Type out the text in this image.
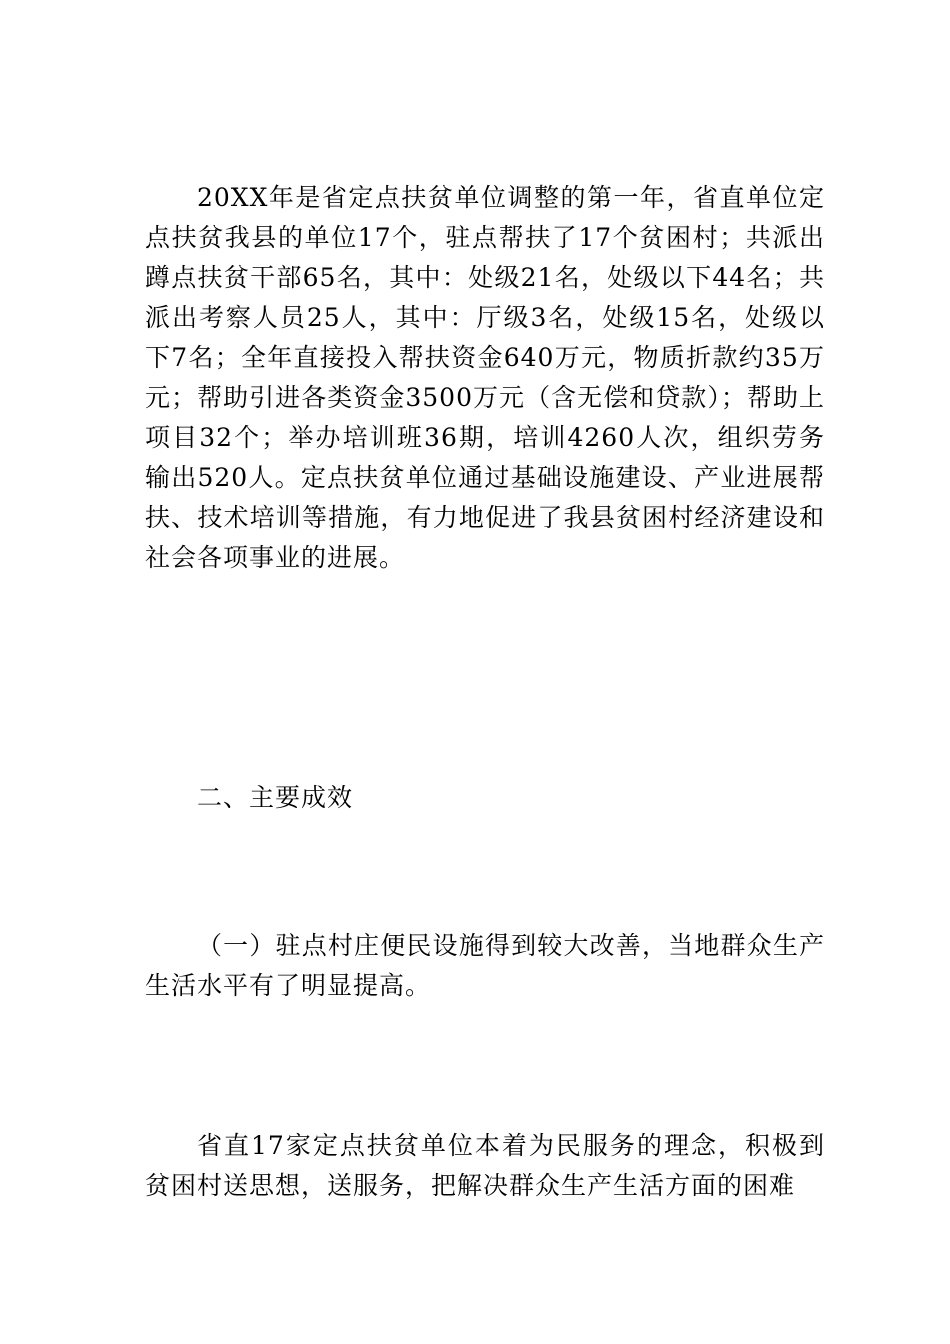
20XX年是省定点扶贫单位调整的第一年，省直单位定点扶贫我县的单位17个，驻点帮扶了17个贫困村；共派出蹲点扶贫干部65名，其中：处级21名，处级以下44名；共派出考察人员25人，其中：厅级3名，处级15名，处级以下7名；全年直接投入帮扶资金640万元，物质折款约35万元；帮助引进各类资金3500万元（含无偿和贷款）；帮助上项目32个；举办培训班36期，培训4260人次，组织劳务输出520人。定点扶贫单位通过基础设施建设、产业进展帮扶、技术培训等措施，有力地促进了我县贫困村经济建设和社会各项事业的进展。

二、主要成效

（一）驻点村庄便民设施得到较大改善，当地群众生产生活水平有了明显提高。

省直17家定点扶贫单位本着为民服务的理念，积极到贫困村送思想，送服务，把解决群众生产生活方面的困难
